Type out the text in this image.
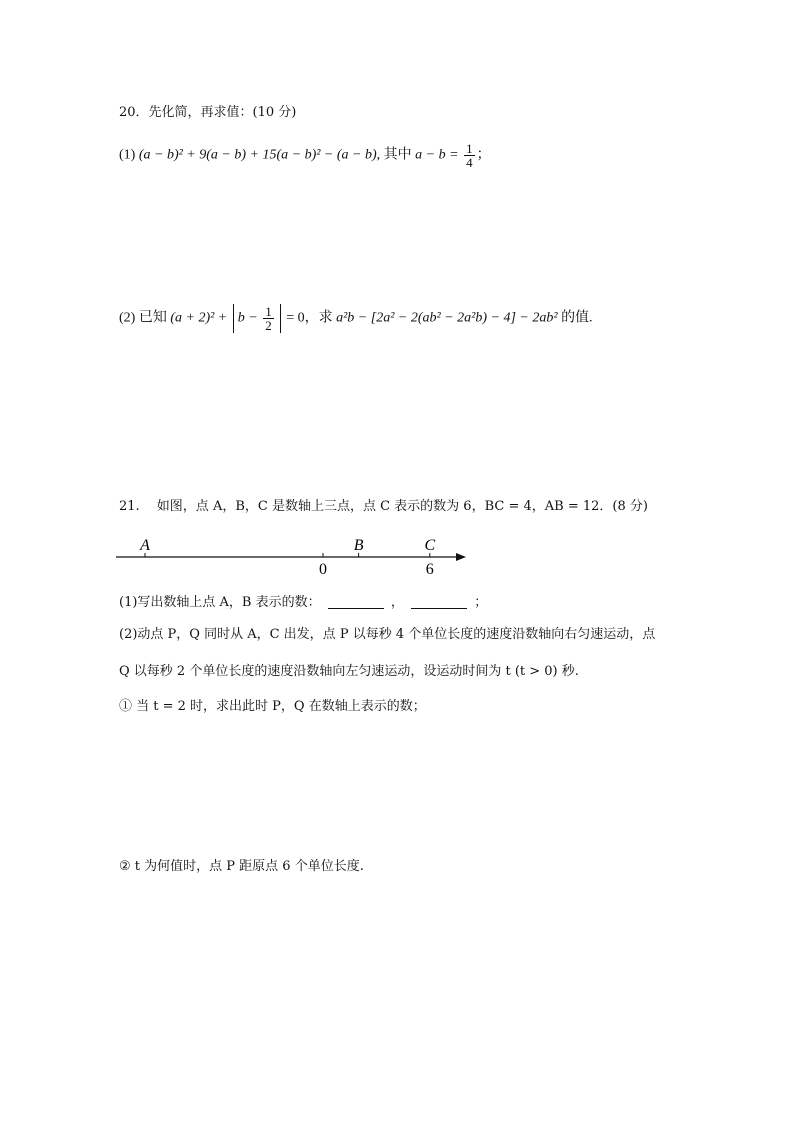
20．先化简，再求值：(10 分)
(1) (a − b)² + 9(a − b) + 15(a − b)² − (a − b), 其中 $a - b = \frac{1}{4}$ ；
(2) 已知 $(a + 2)^2 + b - \frac{1}{2} = 0$，求 a²b − [2a² − 2(ab² − 2a²b) − 4] − 2ab² 的值.
21.　 如图，点 A，B，C 是数轴上三点，点 C 表示的数为 6，BC = 4，AB = 12．(8 分)
A
0
B	C
6
(1)写出数轴上点 A，B 表示的数：	，	；
(2)动点 P，Q 同时从 A，C 出发，点 P 以每秒 4 个单位长度的速度沿数轴向右匀速运动，点
Q 以每秒 2 个单位长度的速度沿数轴向左匀速运动，设运动时间为 t (t > 0) 秒.
① 当 t = 2 时，求出此时 P，Q 在数轴上表示的数；
② t 为何值时，点 P 距原点 6 个单位长度.
